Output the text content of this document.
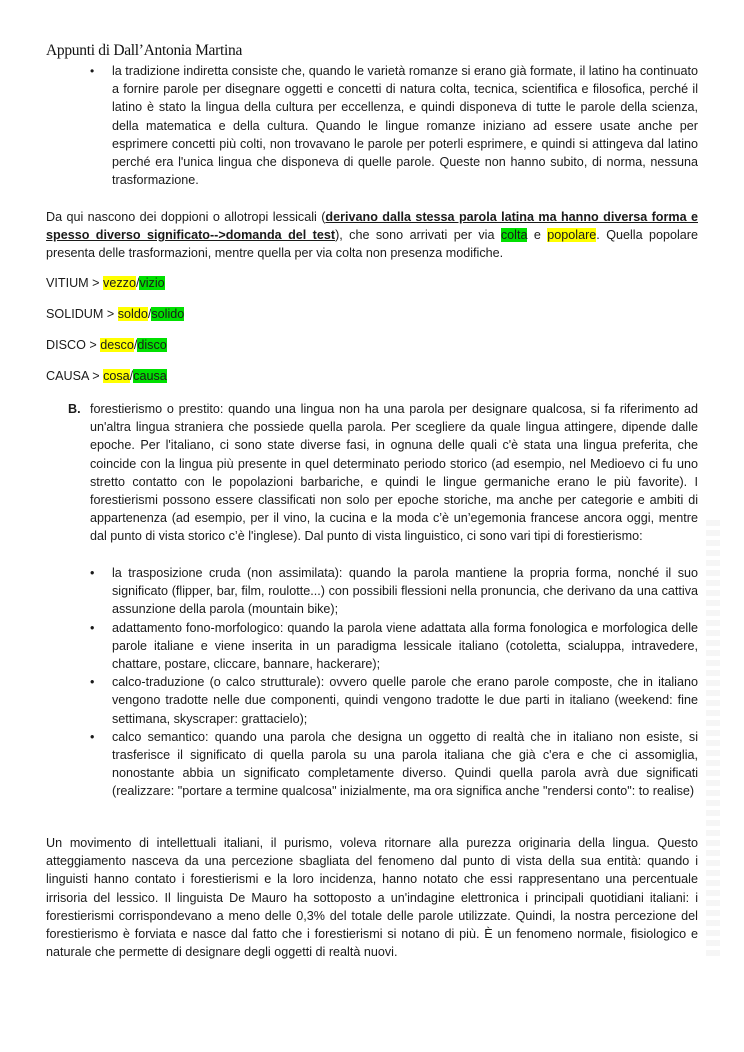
Appunti di Dall’Antonia Martina
• la tradizione indiretta consiste che, quando le varietà romanze si erano già formate, il latino ha continuato a fornire parole per disegnare oggetti e concetti di natura colta, tecnica, scientifica e filosofica, perché il latino è stato la lingua della cultura per eccellenza, e quindi disponeva di tutte le parole della scienza, della matematica e della cultura. Quando le lingue romanze iniziano ad essere usate anche per esprimere concetti più colti, non trovavano le parole per poterli esprimere, e quindi si attingeva dal latino perché era l'unica lingua che disponeva di quelle parole. Queste non hanno subito, di norma, nessuna trasformazione.
Da qui nascono dei doppioni o allotropi lessicali (derivano dalla stessa parola latina ma hanno diversa forma e spesso diverso significato-->domanda del test), che sono arrivati per via colta e popolare. Quella popolare presenta delle trasformazioni, mentre quella per via colta non presenza modifiche.
VITIUM > vezzo/vizio
SOLIDUM > soldo/solido
DISCO > desco/disco
CAUSA > cosa/causa
B. forestierismo o prestito: quando una lingua non ha una parola per designare qualcosa, si fa riferimento ad un'altra lingua straniera che possiede quella parola. Per scegliere da quale lingua attingere, dipende dalle epoche. Per l'italiano, ci sono state diverse fasi, in ognuna delle quali c'è stata una lingua preferita, che coincide con la lingua più presente in quel determinato periodo storico (ad esempio, nel Medioevo ci fu uno stretto contatto con le popolazioni barbariche, e quindi le lingue germaniche erano le più favorite). I forestierismi possono essere classificati non solo per epoche storiche, ma anche per categorie e ambiti di appartenenza (ad esempio, per il vino, la cucina e la moda c’è un’egemonia francese ancora oggi, mentre dal punto di vista storico c’è l'inglese). Dal punto di vista linguistico, ci sono vari tipi di forestierismo:
• la trasposizione cruda (non assimilata): quando la parola mantiene la propria forma, nonché il suo significato (flipper, bar, film, roulotte...) con possibili flessioni nella pronuncia, che derivano da una cattiva assunzione della parola (mountain bike);
• adattamento fono-morfologico: quando la parola viene adattata alla forma fonologica e morfologica delle parole italiane e viene inserita in un paradigma lessicale italiano (cotoletta, scialuppa, intravedere, chattare, postare, cliccare, bannare, hackerare);
• calco-traduzione (o calco strutturale): ovvero quelle parole che erano parole composte, che in italiano vengono tradotte nelle due componenti, quindi vengono tradotte le due parti in italiano (weekend: fine settimana, skyscraper: grattacielo);
• calco semantico: quando una parola che designa un oggetto di realtà che in italiano non esiste, si trasferisce il significato di quella parola su una parola italiana che già c'era e che ci assomiglia, nonostante abbia un significato completamente diverso. Quindi quella parola avrà due significati (realizzare: "portare a termine qualcosa" inizialmente, ma ora significa anche "rendersi conto": to realise)
Un movimento di intellettuali italiani, il purismo, voleva ritornare alla purezza originaria della lingua. Questo atteggiamento nasceva da una percezione sbagliata del fenomeno dal punto di vista della sua entità: quando i linguisti hanno contato i forestierismi e la loro incidenza, hanno notato che essi rappresentano una percentuale irrisoria del lessico. Il linguista De Mauro ha sottoposto a un'indagine elettronica i principali quotidiani italiani: i forestierismi corrispondevano a meno delle 0,3% del totale delle parole utilizzate. Quindi, la nostra percezione del forestierismo è forviata e nasce dal fatto che i forestierismi si notano di più. È un fenomeno normale, fisiologico e naturale che permette di designare degli oggetti di realtà nuovi.
